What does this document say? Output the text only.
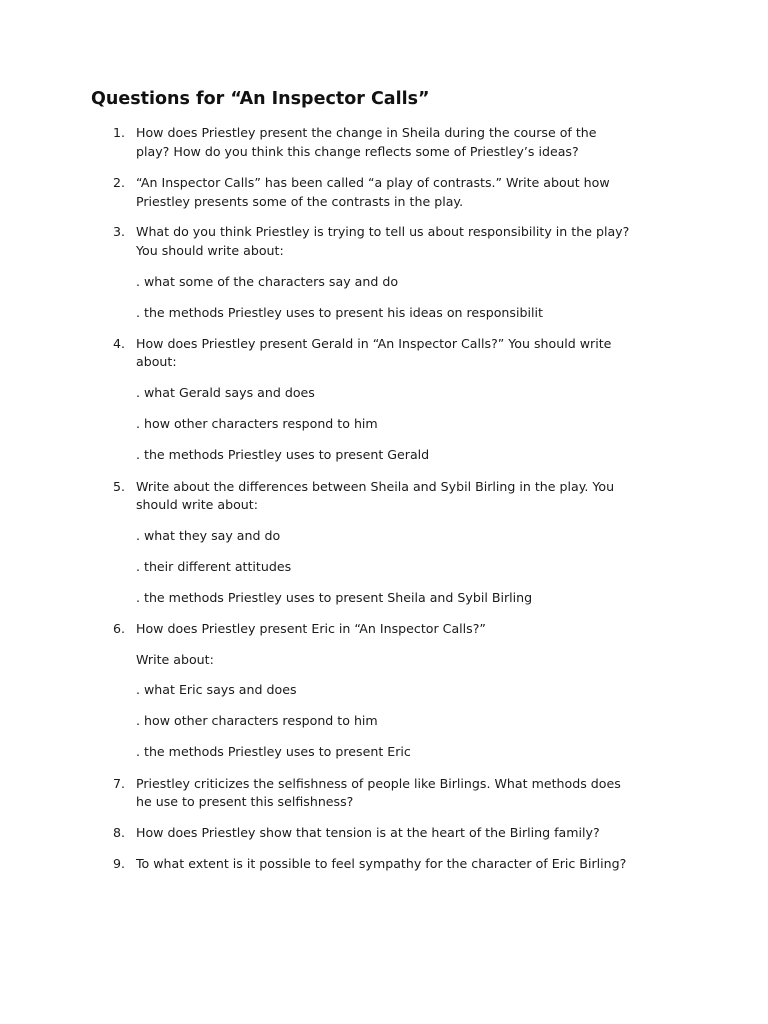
Questions for “An Inspector Calls”
1. How does Priestley present the change in Sheila during the course of the
play? How do you think this change reflects some of Priestley’s ideas?
2. “An Inspector Calls” has been called “a play of contrasts.” Write about how
Priestley presents some of the contrasts in the play.
3. What do you think Priestley is trying to tell us about responsibility in the play?
You should write about:
. what some of the characters say and do
. the methods Priestley uses to present his ideas on responsibilit
4. How does Priestley present Gerald in “An Inspector Calls?” You should write
about:
. what Gerald says and does
. how other characters respond to him
. the methods Priestley uses to present Gerald
5. Write about the differences between Sheila and Sybil Birling in the play. You
should write about:
. what they say and do
. their different attitudes
. the methods Priestley uses to present Sheila and Sybil Birling
6. How does Priestley present Eric in “An Inspector Calls?”
Write about:
. what Eric says and does
. how other characters respond to him
. the methods Priestley uses to present Eric
7. Priestley criticizes the selfishness of people like Birlings. What methods does
he use to present this selfishness?
8. How does Priestley show that tension is at the heart of the Birling family?
9. To what extent is it possible to feel sympathy for the character of Eric Birling?
